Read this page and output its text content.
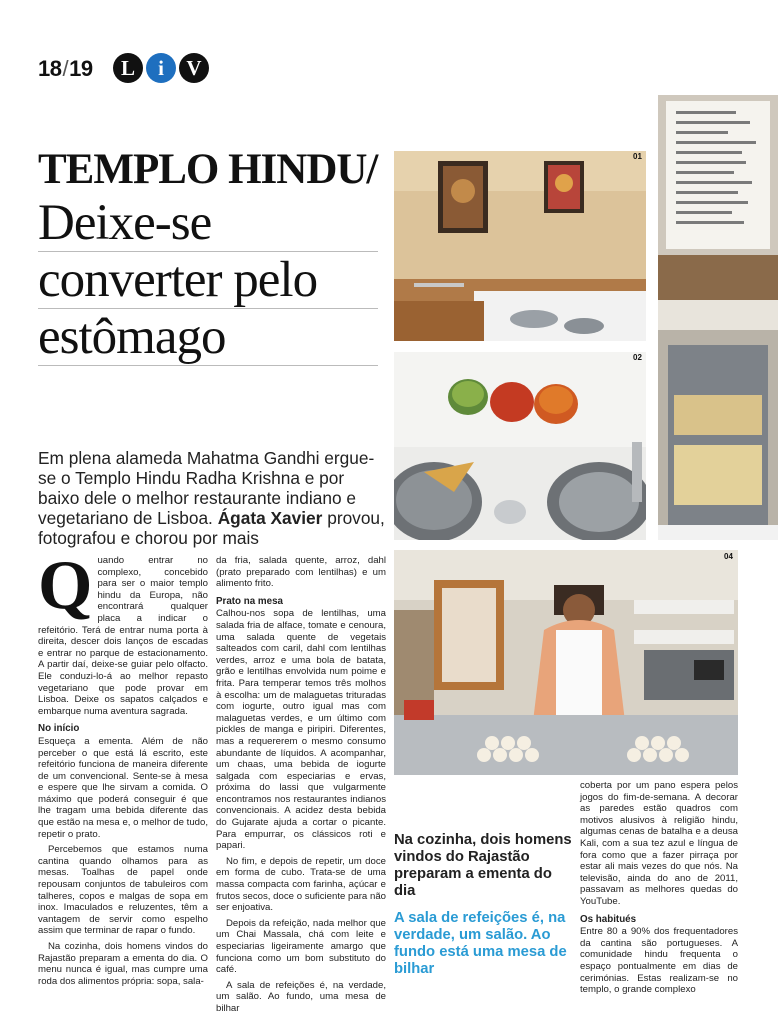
18/19	L	i	V
TEMPLO HINDU/
Deixe-se
converter pelo
estômago
Em plena alameda Mahatma Gandhi ergue-se o Templo Hindu Radha Krishna e por baixo dele o melhor restaurante indiano e vegetariano de Lisboa. Ágata Xavier provou, fotografou e chorou por mais
Q uando entrar no complexo, concebido para ser o maior templo hindu da Europa, não encontrará qualquer placa a indicar o refeitório. Terá de entrar numa porta à direita, descer dois lanços de escadas e entrar no parque de estacionamento. A partir daí, deixe-se guiar pelo olfacto. Ele conduzi-lo-á ao melhor repasto vegetariano que pode provar em Lisboa. Deixe os sapatos calçados e embarque numa aventura sagrada.

No início

Esqueça a ementa. Além de não perceber o que está lá escrito, este refeitório funciona de maneira diferente de um convencional. Sente-se à mesa e espere que lhe sirvam a comida. O máximo que poderá conseguir é que lhe tragam uma bebida diferente das que estão na mesa e, o melhor de tudo, repetir o prato.

Percebemos que estamos numa cantina quando olhamos para as mesas. Toalhas de papel onde repousam conjuntos de tabuleiros com talheres, copos e malgas de sopa em inox. Imaculados e reluzentes, têm a vantagem de servir como espelho assim que terminar de rapar o fundo.

Na cozinha, dois homens vindos do Rajastão preparam a ementa do dia. O menu nunca é igual, mas cumpre uma roda dos alimentos própria: sopa, sala-

da fria, salada quente, arroz, dahl (prato preparado com lentilhas) e um alimento frito.

Prato na mesa

Calhou-nos sopa de lentilhas, uma salada fria de alface, tomate e cenoura, uma salada quente de vegetais salteados com caril, dahl com lentilhas verdes, arroz e uma bola de batata, grão e lentilhas envolvida num poime e frita. Para temperar temos três molhos à escolha: um de malaguetas trituradas com iogurte, outro igual mas com malaguetas verdes, e um último com pickles de manga e piripiri. Diferentes, mas a requererem o mesmo consumo abundante de líquidos. A acompanhar, um chaas, uma bebida de iogurte salgada com especiarias e ervas, próxima do lassi que vulgarmente encontramos nos restaurantes indianos convencionais. A acidez desta bebida do Gujarate ajuda a cortar o picante. Para empurrar, os clássicos roti e papari.

No fim, e depois de repetir, um doce em forma de cubo. Trata-se de uma massa compacta com farinha, açúcar e frutos secos, doce o suficiente para não ser enjoativa.

Depois da refeição, nada melhor que um Chai Massala, chá com leite e especiarias ligeiramente amargo que funciona como um bom substituto do café.

A sala de refeições é, na verdade, um salão. Ao fundo, uma mesa de bilhar

coberta por um pano espera pelos jogos do fim-de-semana. A decorar as paredes estão quadros com motivos alusivos à religião hindu, algumas cenas de batalha e a deusa Kali, com a sua tez azul e língua de fora como que a fazer pirraça por estar ali mais vezes do que nós. Na televisão, ainda do ano de 2011, passavam as melhores quedas do YouTube.

Os habitués

Entre 80 a 90% dos frequentadores da cantina são portugueses. A comunidade hindu frequenta o espaço pontualmente em dias de cerimónias. Estas realizam-se no templo, o grande complexo

Na cozinha, dois homens vindos do Rajastão preparam a ementa do dia
A sala de refeições é, na verdade, um salão. Ao fundo está uma mesa de bilhar
01
02
04
